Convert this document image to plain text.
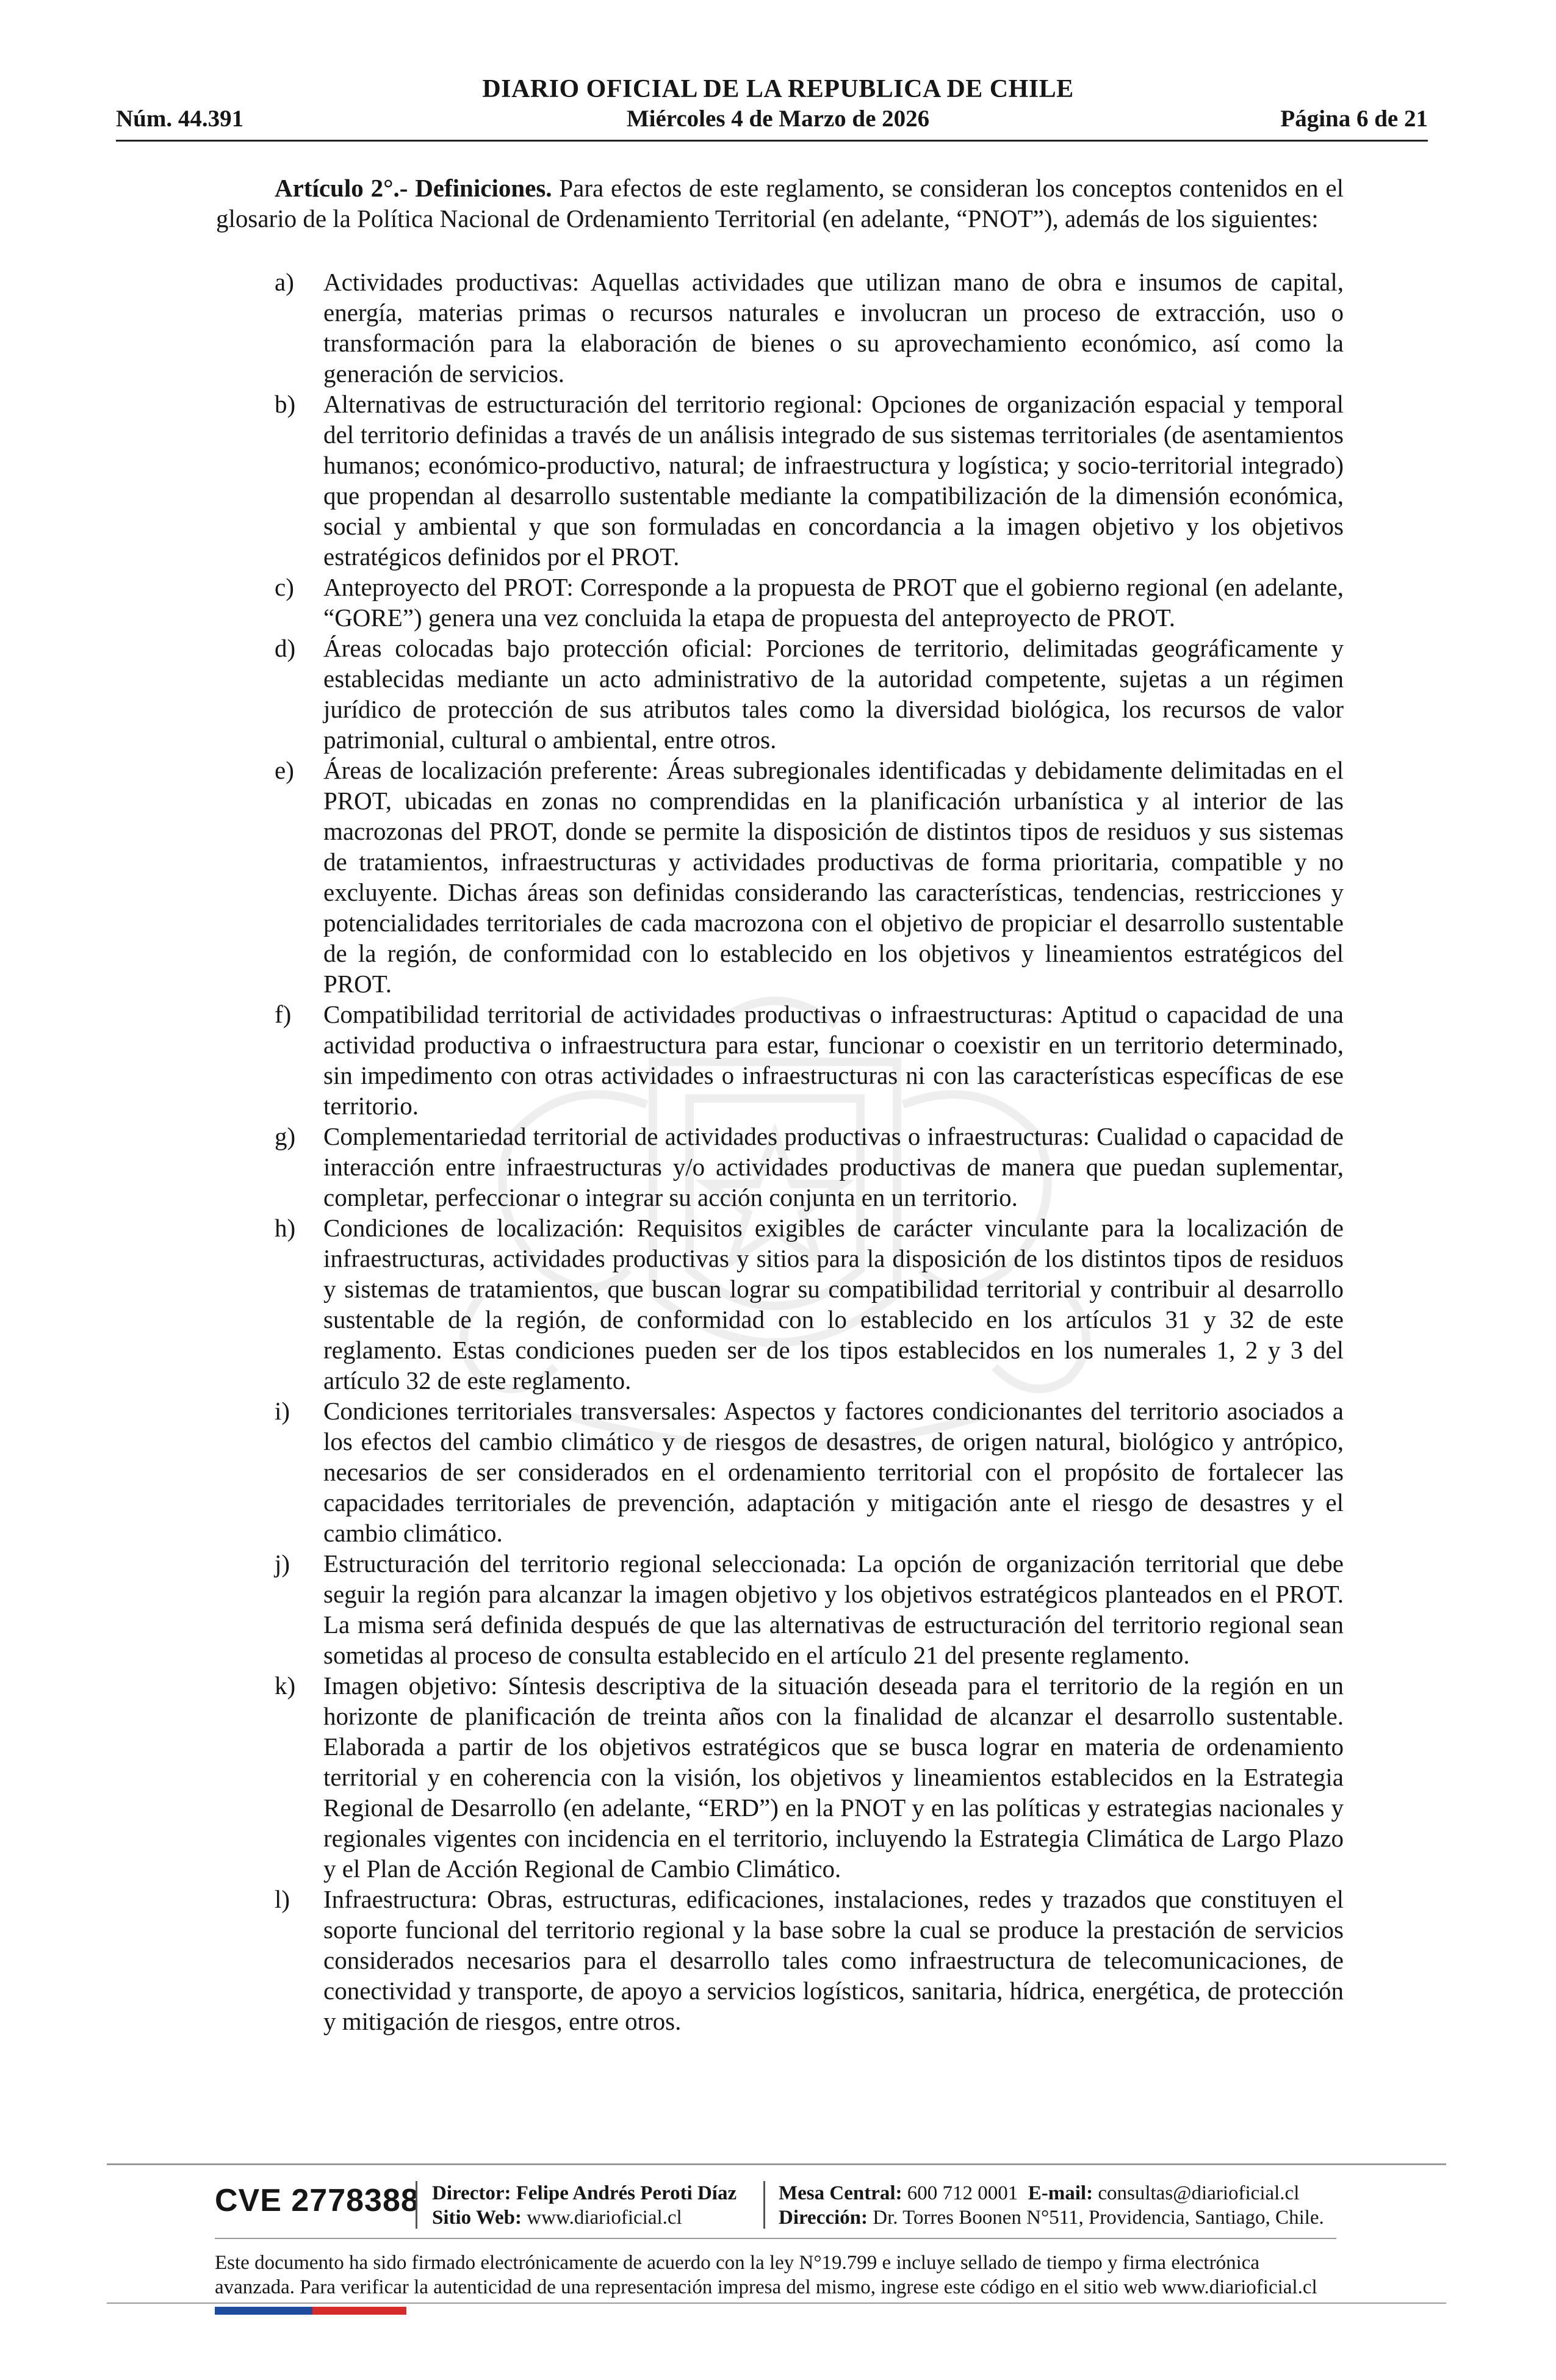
DIARIO OFICIAL DE LA REPUBLICA DE CHILE
Núm. 44.391	Miércoles 4 de Marzo de 2026	Página 6 de 21

Artículo 2°.- Definiciones. Para efectos de este reglamento, se consideran los conceptos contenidos en el glosario de la Política Nacional de Ordenamiento Territorial (en adelante, “PNOT”), además de los siguientes:

a) Actividades productivas: Aquellas actividades que utilizan mano de obra e insumos de capital, energía, materias primas o recursos naturales e involucran un proceso de extracción, uso o transformación para la elaboración de bienes o su aprovechamiento económico, así como la generación de servicios.
b) Alternativas de estructuración del territorio regional: Opciones de organización espacial y temporal del territorio definidas a través de un análisis integrado de sus sistemas territoriales (de asentamientos humanos; económico-productivo, natural; de infraestructura y logística; y socio-territorial integrado) que propendan al desarrollo sustentable mediante la compatibilización de la dimensión económica, social y ambiental y que son formuladas en concordancia a la imagen objetivo y los objetivos estratégicos definidos por el PROT.
c) Anteproyecto del PROT: Corresponde a la propuesta de PROT que el gobierno regional (en adelante, “GORE”) genera una vez concluida la etapa de propuesta del anteproyecto de PROT.
d) Áreas colocadas bajo protección oficial: Porciones de territorio, delimitadas geográficamente y establecidas mediante un acto administrativo de la autoridad competente, sujetas a un régimen jurídico de protección de sus atributos tales como la diversidad biológica, los recursos de valor patrimonial, cultural o ambiental, entre otros.
e) Áreas de localización preferente: Áreas subregionales identificadas y debidamente delimitadas en el PROT, ubicadas en zonas no comprendidas en la planificación urbanística y al interior de las macrozonas del PROT, donde se permite la disposición de distintos tipos de residuos y sus sistemas de tratamientos, infraestructuras y actividades productivas de forma prioritaria, compatible y no excluyente. Dichas áreas son definidas considerando las características, tendencias, restricciones y potencialidades territoriales de cada macrozona con el objetivo de propiciar el desarrollo sustentable de la región, de conformidad con lo establecido en los objetivos y lineamientos estratégicos del PROT.
f) Compatibilidad territorial de actividades productivas o infraestructuras: Aptitud o capacidad de una actividad productiva o infraestructura para estar, funcionar o coexistir en un territorio determinado, sin impedimento con otras actividades o infraestructuras ni con las características específicas de ese territorio.
g) Complementariedad territorial de actividades productivas o infraestructuras: Cualidad o capacidad de interacción entre infraestructuras y/o actividades productivas de manera que puedan suplementar, completar, perfeccionar o integrar su acción conjunta en un territorio.
h) Condiciones de localización: Requisitos exigibles de carácter vinculante para la localización de infraestructuras, actividades productivas y sitios para la disposición de los distintos tipos de residuos y sistemas de tratamientos, que buscan lograr su compatibilidad territorial y contribuir al desarrollo sustentable de la región, de conformidad con lo establecido en los artículos 31 y 32 de este reglamento. Estas condiciones pueden ser de los tipos establecidos en los numerales 1, 2 y 3 del artículo 32 de este reglamento.
i) Condiciones territoriales transversales: Aspectos y factores condicionantes del territorio asociados a los efectos del cambio climático y de riesgos de desastres, de origen natural, biológico y antrópico, necesarios de ser considerados en el ordenamiento territorial con el propósito de fortalecer las capacidades territoriales de prevención, adaptación y mitigación ante el riesgo de desastres y el cambio climático.
j) Estructuración del territorio regional seleccionada: La opción de organización territorial que debe seguir la región para alcanzar la imagen objetivo y los objetivos estratégicos planteados en el PROT. La misma será definida después de que las alternativas de estructuración del territorio regional sean sometidas al proceso de consulta establecido en el artículo 21 del presente reglamento.
k) Imagen objetivo: Síntesis descriptiva de la situación deseada para el territorio de la región en un horizonte de planificación de treinta años con la finalidad de alcanzar el desarrollo sustentable. Elaborada a partir de los objetivos estratégicos que se busca lograr en materia de ordenamiento territorial y en coherencia con la visión, los objetivos y lineamientos establecidos en la Estrategia Regional de Desarrollo (en adelante, “ERD”) en la PNOT y en las políticas y estrategias nacionales y regionales vigentes con incidencia en el territorio, incluyendo la Estrategia Climática de Largo Plazo y el Plan de Acción Regional de Cambio Climático.
l) Infraestructura: Obras, estructuras, edificaciones, instalaciones, redes y trazados que constituyen el soporte funcional del territorio regional y la base sobre la cual se produce la prestación de servicios considerados necesarios para el desarrollo tales como infraestructura de telecomunicaciones, de conectividad y transporte, de apoyo a servicios logísticos, sanitaria, hídrica, energética, de protección y mitigación de riesgos, entre otros.
CVE 2778388 Director: Felipe Andrés Peroti Díaz
Sitio Web: www.diarioficial.cl
Mesa Central: 600 712 0001 E-mail: consultas@diarioficial.cl
Dirección: Dr. Torres Boonen N°511, Providencia, Santiago, Chile.
Este documento ha sido firmado electrónicamente de acuerdo con la ley N°19.799 e incluye sellado de tiempo y firma electrónica avanzada. Para verificar la autenticidad de una representación impresa del mismo, ingrese este código en el sitio web www.diarioficial.cl
